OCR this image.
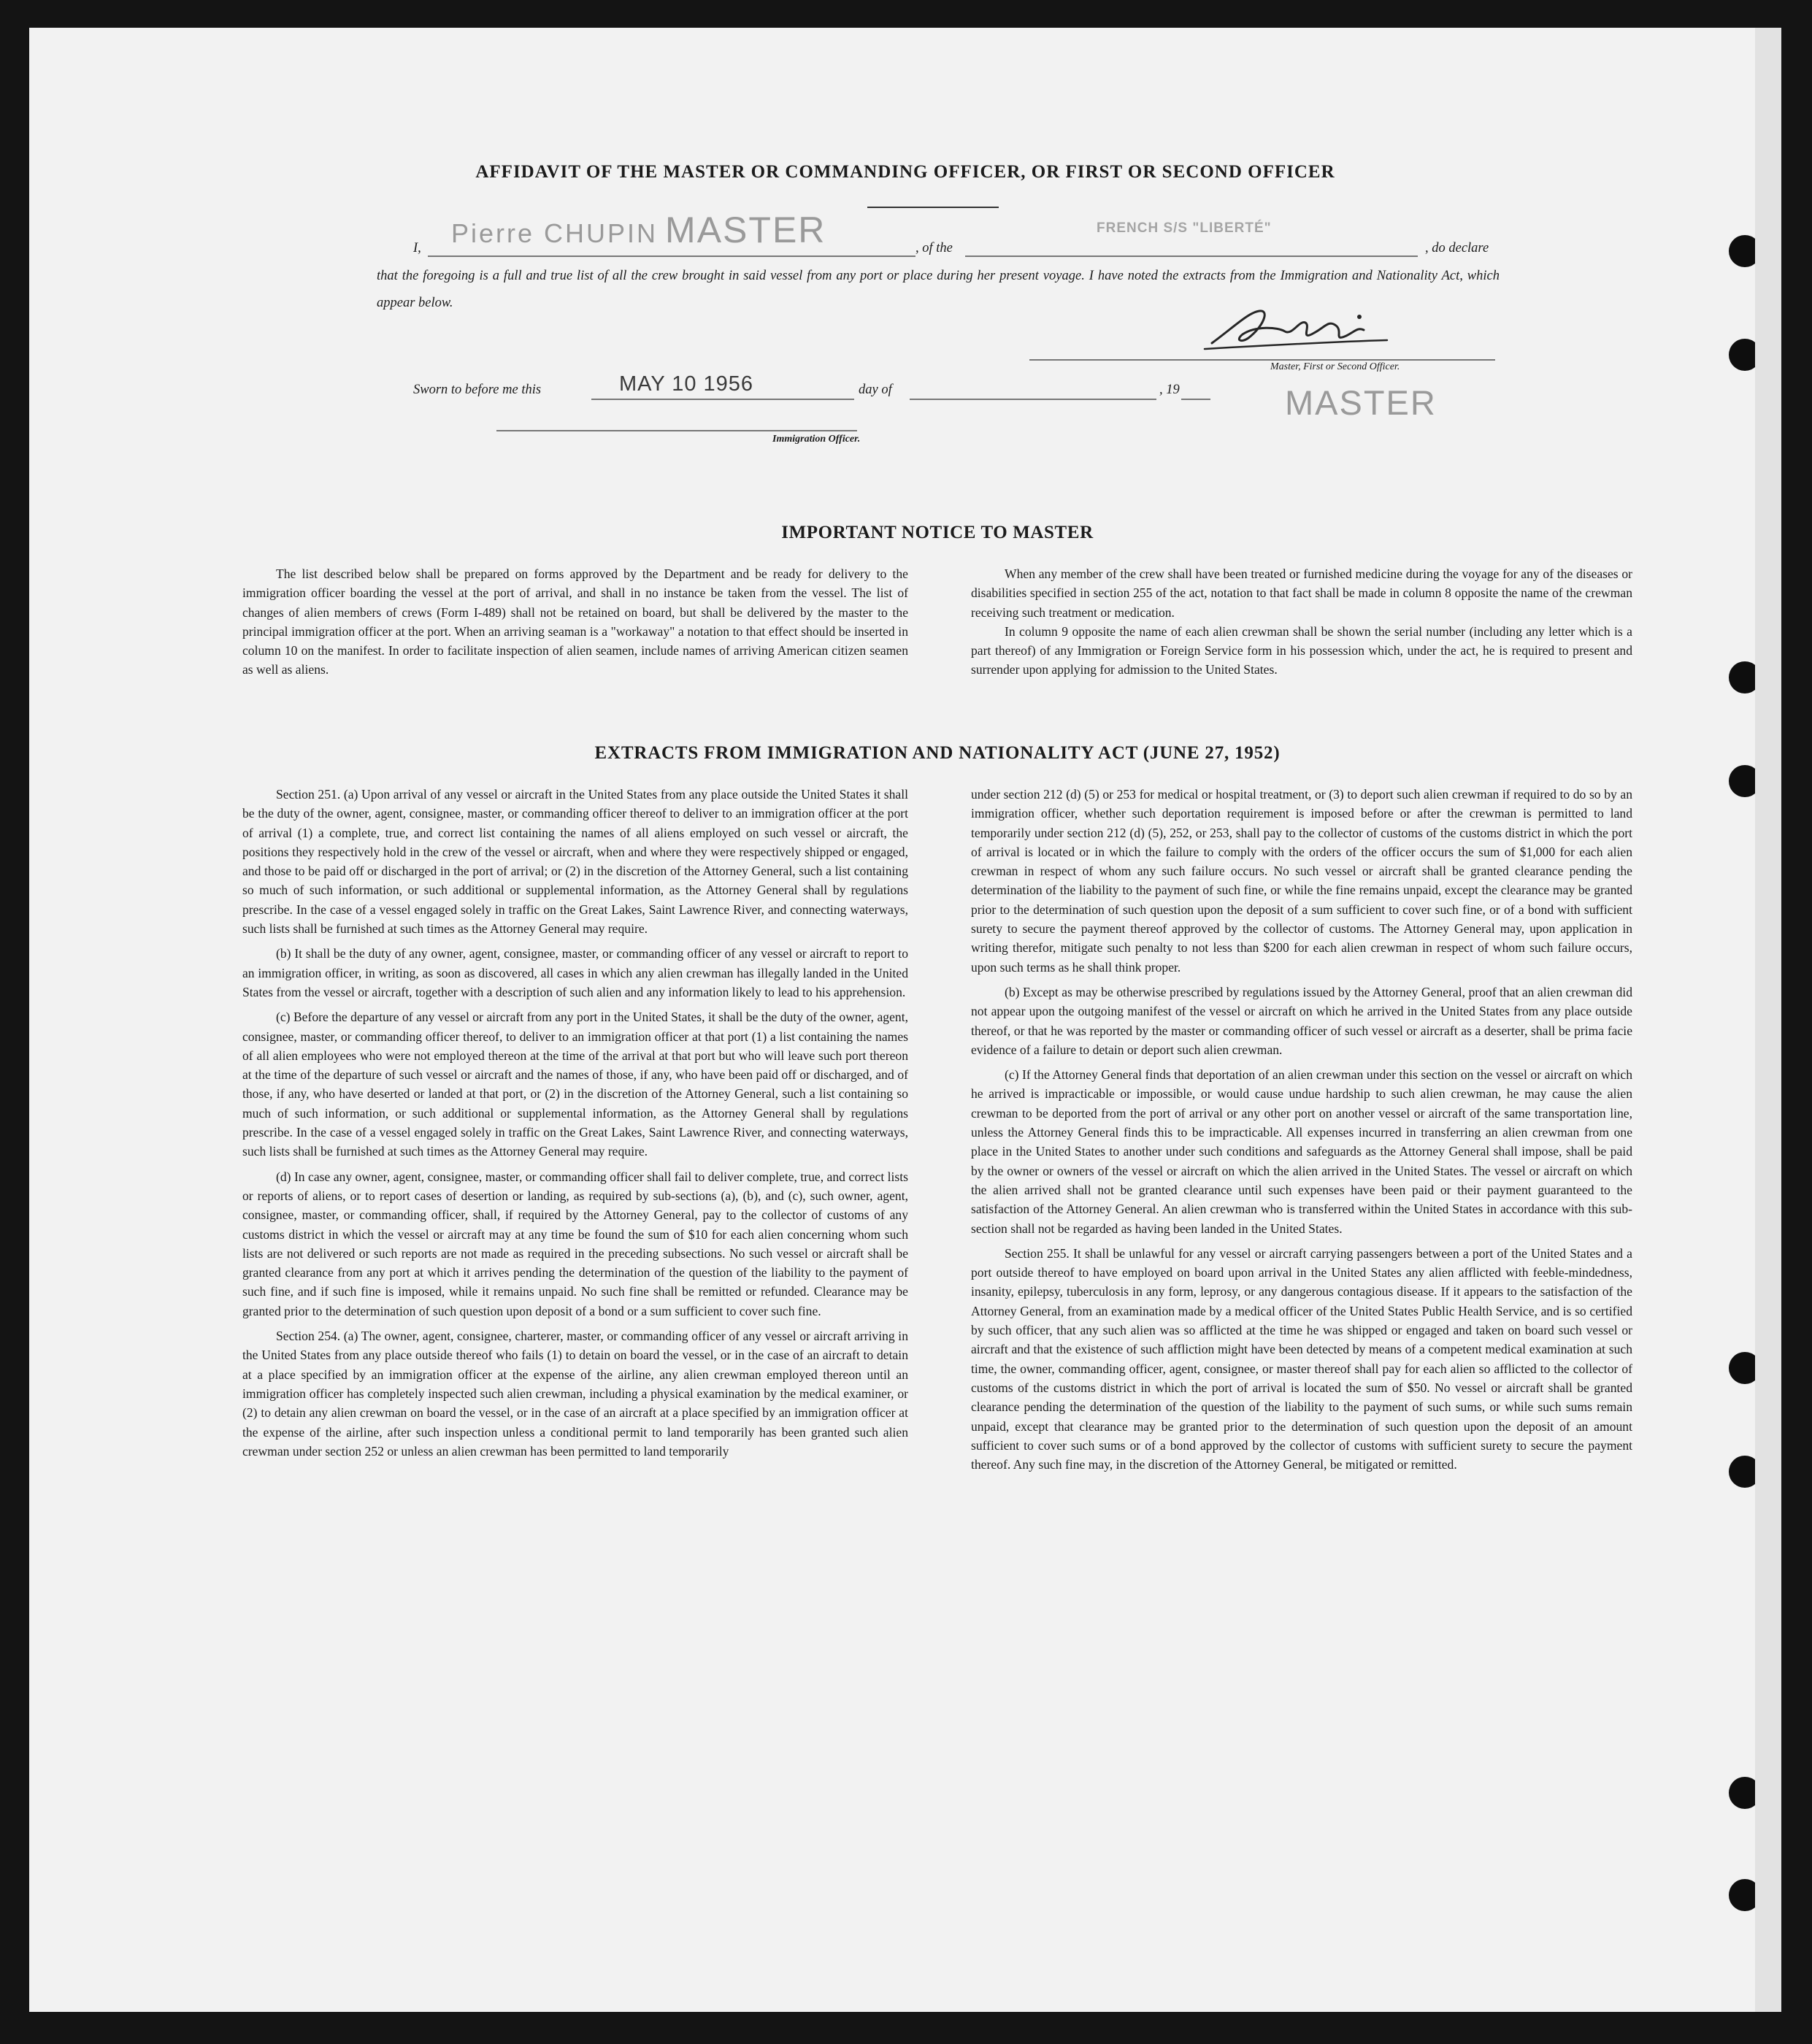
AFFIDAVIT OF THE MASTER OR COMMANDING OFFICER, OR FIRST OR SECOND OFFICER
I, Pierre CHUPIN MASTER	, of the
FRENCH S/S "LIBERTÉ"
, do declare
that the foregoing is a full and true list of all the crew brought in said vessel from any port or place during her present voyage. I have noted the extracts from the Immigration and Nationality Act, which appear below.
Master, First or Second Officer.
Sworn to before me this	MAY 10 1956	day of	, 19	MASTER
Immigration Officer.
IMPORTANT NOTICE TO MASTER

The list described below shall be prepared on forms approved by the Department and be ready for delivery to the immigration officer boarding the vessel at the port of arrival, and shall in no instance be taken from the vessel. The list of changes of alien members of crews (Form I-489) shall not be retained on board, but shall be delivered by the master to the principal immigration officer at the port. When an arriving seaman is a "workaway" a notation to that effect should be inserted in column 10 on the manifest. In order to facilitate inspection of alien seamen, include names of arriving American citizen seamen as well as aliens.

When any member of the crew shall have been treated or furnished medicine during the voyage for any of the diseases or disabilities specified in section 255 of the act, notation to that fact shall be made in column 8 opposite the name of the crewman receiving such treatment or medication.

In column 9 opposite the name of each alien crewman shall be shown the serial number (including any letter which is a part thereof) of any Immigration or Foreign Service form in his possession which, under the act, he is required to present and surrender upon applying for admission to the United States.

EXTRACTS FROM IMMIGRATION AND NATIONALITY ACT (JUNE 27, 1952)

Section 251. (a) Upon arrival of any vessel or aircraft in the United States from any place outside the United States it shall be the duty of the owner, agent, consignee, master, or commanding officer thereof to deliver to an immigration officer at the port of arrival (1) a complete, true, and correct list containing the names of all aliens employed on such vessel or aircraft, the positions they respectively hold in the crew of the vessel or aircraft, when and where they were respectively shipped or engaged, and those to be paid off or discharged in the port of arrival; or (2) in the discretion of the Attorney General, such a list containing so much of such information, or such additional or supplemental information, as the Attorney General shall by regulations prescribe. In the case of a vessel engaged solely in traffic on the Great Lakes, Saint Lawrence River, and connecting waterways, such lists shall be furnished at such times as the Attorney General may require.

(b) It shall be the duty of any owner, agent, consignee, master, or commanding officer of any vessel or aircraft to report to an immigration officer, in writing, as soon as discovered, all cases in which any alien crewman has illegally landed in the United States from the vessel or aircraft, together with a description of such alien and any information likely to lead to his apprehension.

(c) Before the departure of any vessel or aircraft from any port in the United States, it shall be the duty of the owner, agent, consignee, master, or commanding officer thereof, to deliver to an immigration officer at that port (1) a list containing the names of all alien employees who were not employed thereon at the time of the arrival at that port but who will leave such port thereon at the time of the departure of such vessel or aircraft and the names of those, if any, who have been paid off or discharged, and of those, if any, who have deserted or landed at that port, or (2) in the discretion of the Attorney General, such a list containing so much of such information, or such additional or supplemental information, as the Attorney General shall by regulations prescribe. In the case of a vessel engaged solely in traffic on the Great Lakes, Saint Lawrence River, and connecting waterways, such lists shall be furnished at such times as the Attorney General may require.

(d) In case any owner, agent, consignee, master, or commanding officer shall fail to deliver complete, true, and correct lists or reports of aliens, or to report cases of desertion or landing, as required by sub-sections (a), (b), and (c), such owner, agent, consignee, master, or commanding officer, shall, if required by the Attorney General, pay to the collector of customs of any customs district in which the vessel or aircraft may at any time be found the sum of $10 for each alien concerning whom such lists are not delivered or such reports are not made as required in the preceding subsections. No such vessel or aircraft shall be granted clearance from any port at which it arrives pending the determination of the question of the liability to the payment of such fine, and if such fine is imposed, while it remains unpaid. No such fine shall be remitted or refunded. Clearance may be granted prior to the determination of such question upon deposit of a bond or a sum sufficient to cover such fine.

Section 254. (a) The owner, agent, consignee, charterer, master, or commanding officer of any vessel or aircraft arriving in the United States from any place outside thereof who fails (1) to detain on board the vessel, or in the case of an aircraft to detain at a place specified by an immigration officer at the expense of the airline, any alien crewman employed thereon until an immigration officer has completely inspected such alien crewman, including a physical examination by the medical examiner, or (2) to detain any alien crewman on board the vessel, or in the case of an aircraft at a place specified by an immigration officer at the expense of the airline, after such inspection unless a conditional permit to land temporarily has been granted such alien crewman under section 252 or unless an alien crewman has been permitted to land temporarily

under section 212 (d) (5) or 253 for medical or hospital treatment, or (3) to deport such alien crewman if required to do so by an immigration officer, whether such deportation requirement is imposed before or after the crewman is permitted to land temporarily under section 212 (d) (5), 252, or 253, shall pay to the collector of customs of the customs district in which the port of arrival is located or in which the failure to comply with the orders of the officer occurs the sum of $1,000 for each alien crewman in respect of whom any such failure occurs. No such vessel or aircraft shall be granted clearance pending the determination of the liability to the payment of such fine, or while the fine remains unpaid, except the clearance may be granted prior to the determination of such question upon the deposit of a sum sufficient to cover such fine, or of a bond with sufficient surety to secure the payment thereof approved by the collector of customs. The Attorney General may, upon application in writing therefor, mitigate such penalty to not less than $200 for each alien crewman in respect of whom such failure occurs, upon such terms as he shall think proper.

(b) Except as may be otherwise prescribed by regulations issued by the Attorney General, proof that an alien crewman did not appear upon the outgoing manifest of the vessel or aircraft on which he arrived in the United States from any place outside thereof, or that he was reported by the master or commanding officer of such vessel or aircraft as a deserter, shall be prima facie evidence of a failure to detain or deport such alien crewman.

(c) If the Attorney General finds that deportation of an alien crewman under this section on the vessel or aircraft on which he arrived is impracticable or impossible, or would cause undue hardship to such alien crewman, he may cause the alien crewman to be deported from the port of arrival or any other port on another vessel or aircraft of the same transportation line, unless the Attorney General finds this to be impracticable. All expenses incurred in transferring an alien crewman from one place in the United States to another under such conditions and safeguards as the Attorney General shall impose, shall be paid by the owner or owners of the vessel or aircraft on which the alien arrived in the United States. The vessel or aircraft on which the alien arrived shall not be granted clearance until such expenses have been paid or their payment guaranteed to the satisfaction of the Attorney General. An alien crewman who is transferred within the United States in accordance with this sub-section shall not be regarded as having been landed in the United States.

Section 255. It shall be unlawful for any vessel or aircraft carrying passengers between a port of the United States and a port outside thereof to have employed on board upon arrival in the United States any alien afflicted with feeble-mindedness, insanity, epilepsy, tuberculosis in any form, leprosy, or any dangerous contagious disease. If it appears to the satisfaction of the Attorney General, from an examination made by a medical officer of the United States Public Health Service, and is so certified by such officer, that any such alien was so afflicted at the time he was shipped or engaged and taken on board such vessel or aircraft and that the existence of such affliction might have been detected by means of a competent medical examination at such time, the owner, commanding officer, agent, consignee, or master thereof shall pay for each alien so afflicted to the collector of customs of the customs district in which the port of arrival is located the sum of $50. No vessel or aircraft shall be granted clearance pending the determination of the question of the liability to the payment of such sums, or while such sums remain unpaid, except that clearance may be granted prior to the determination of such question upon the deposit of an amount sufficient to cover such sums or of a bond approved by the collector of customs with sufficient surety to secure the payment thereof. Any such fine may, in the discretion of the Attorney General, be mitigated or remitted.
